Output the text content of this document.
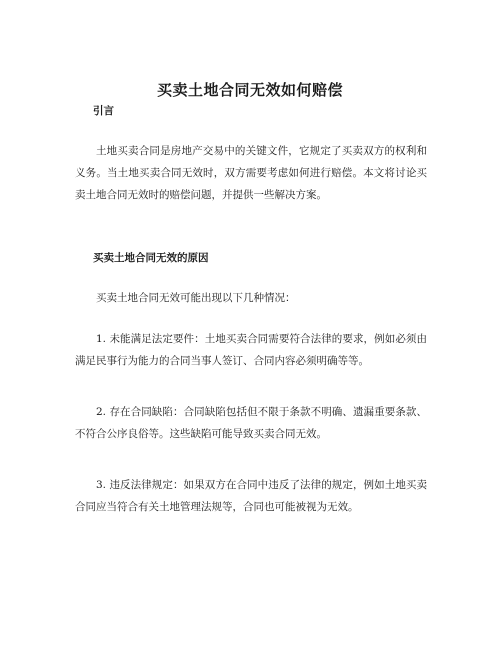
买卖土地合同无效如何赔偿
引言

土地买卖合同是房地产交易中的关键文件，它规定了买卖双方的权利和义务。当土地买卖合同无效时，双方需要考虑如何进行赔偿。本文将讨论买卖土地合同无效时的赔偿问题，并提供一些解决方案。

买卖土地合同无效的原因

买卖土地合同无效可能出现以下几种情况：

1. 未能满足法定要件：土地买卖合同需要符合法律的要求，例如必须由满足民事行为能力的合同当事人签订、合同内容必须明确等等。

2. 存在合同缺陷：合同缺陷包括但不限于条款不明确、遗漏重要条款、不符合公序良俗等。这些缺陷可能导致买卖合同无效。

3. 违反法律规定：如果双方在合同中违反了法律的规定，例如土地买卖合同应当符合有关土地管理法规等，合同也可能被视为无效。
